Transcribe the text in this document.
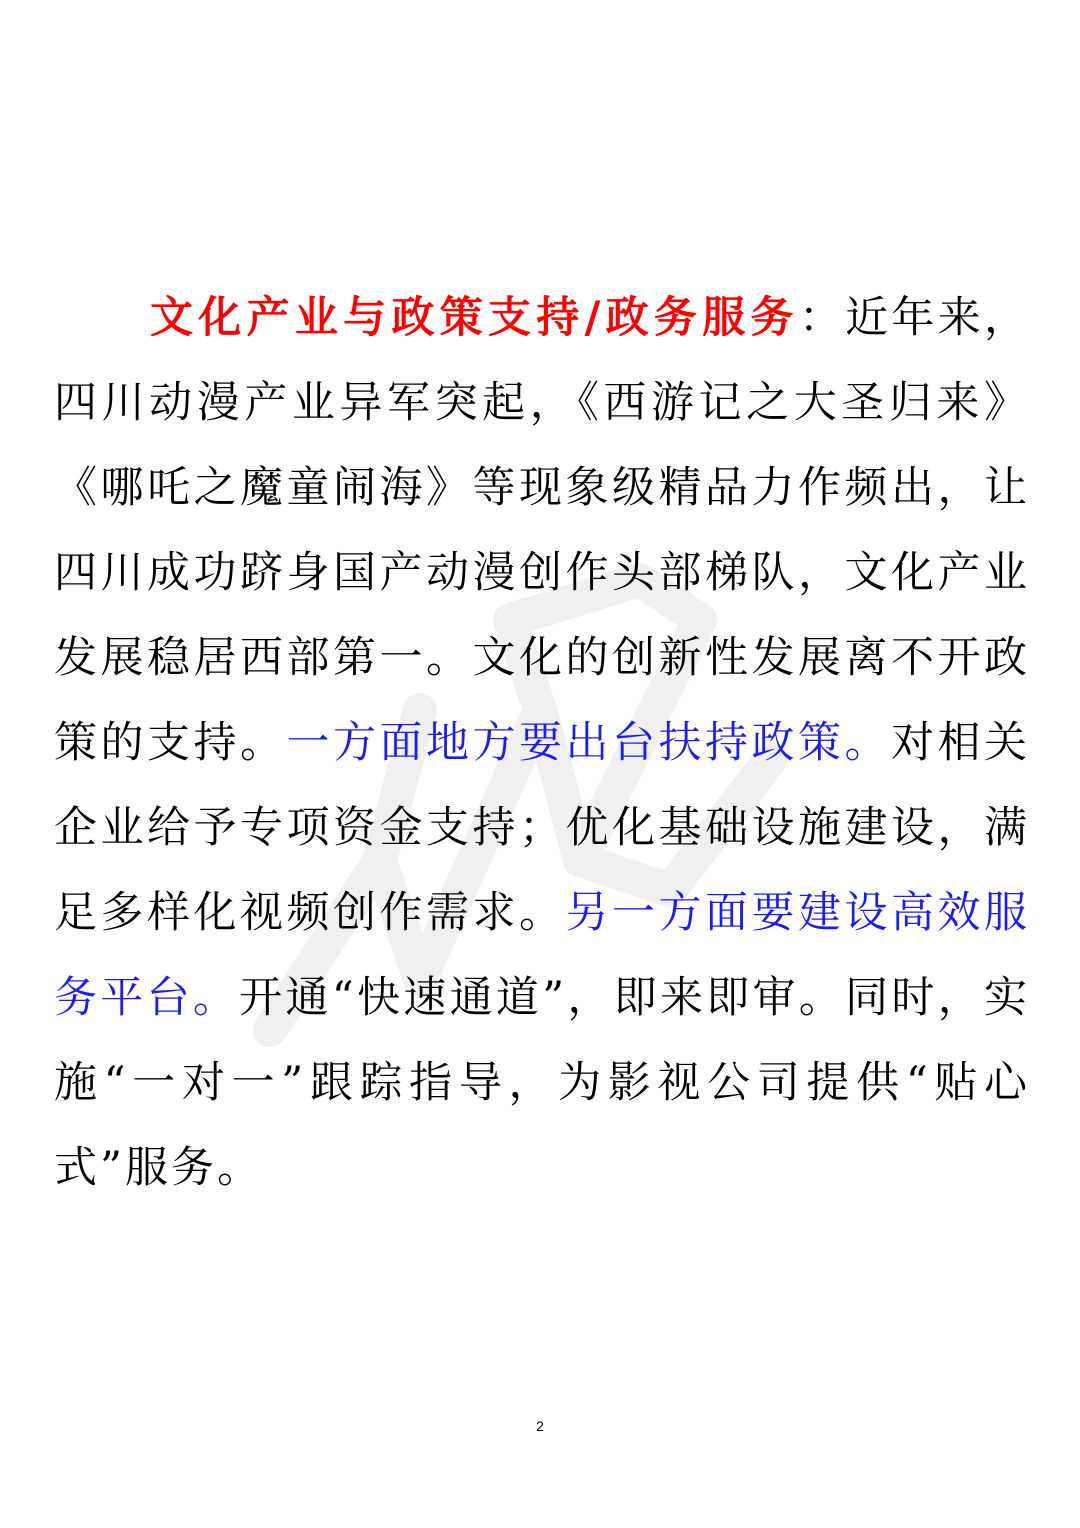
文化产业与政策支持/政务服务：近年来，四川动漫产业异军突起，《西游记之大圣归来》《哪吒之魔童闹海》等现象级精品力作频出，让四川成功跻身国产动漫创作头部梯队，文化产业发展稳居西部第一。文化的创新性发展离不开政策的支持。一方面地方要出台扶持政策。对相关企业给予专项资金支持；优化基础设施建设，满足多样化视频创作需求。另一方面要建设高效服务平台。开通“快速通道”，即来即审。同时，实施“一对一”跟踪指导，为影视公司提供“贴心式”服务。

2
